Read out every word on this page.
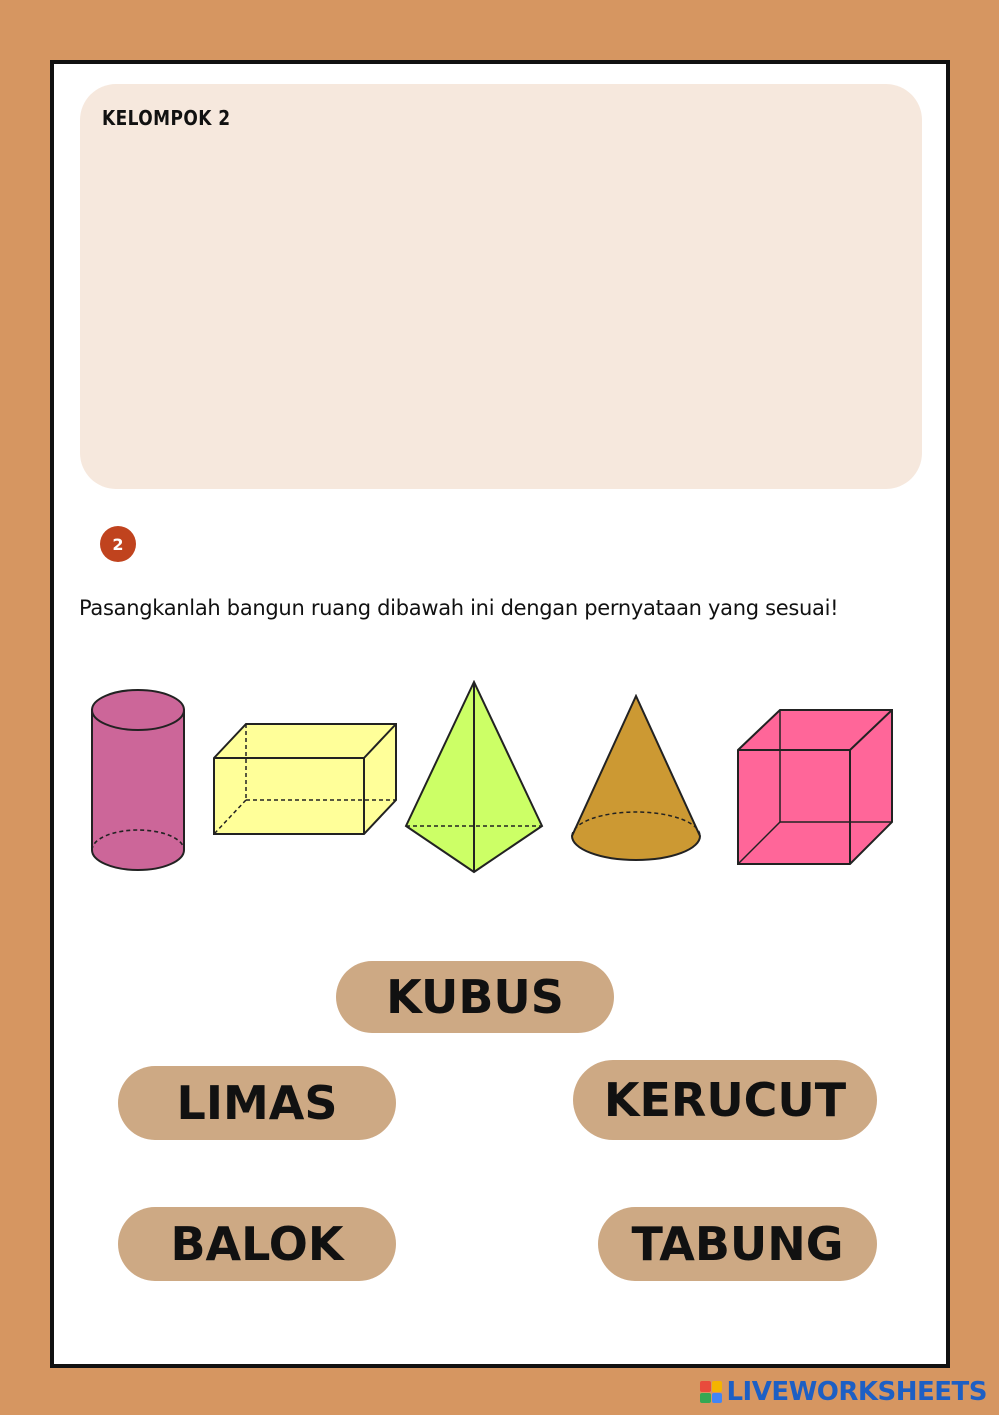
KELOMPOK 2
2
Pasangkanlah bangun ruang dibawah ini dengan pernyataan yang sesuai!
KUBUS
LIMAS	KERUCUT
BALOK	TABUNG
LIVEWORKSHEETS
